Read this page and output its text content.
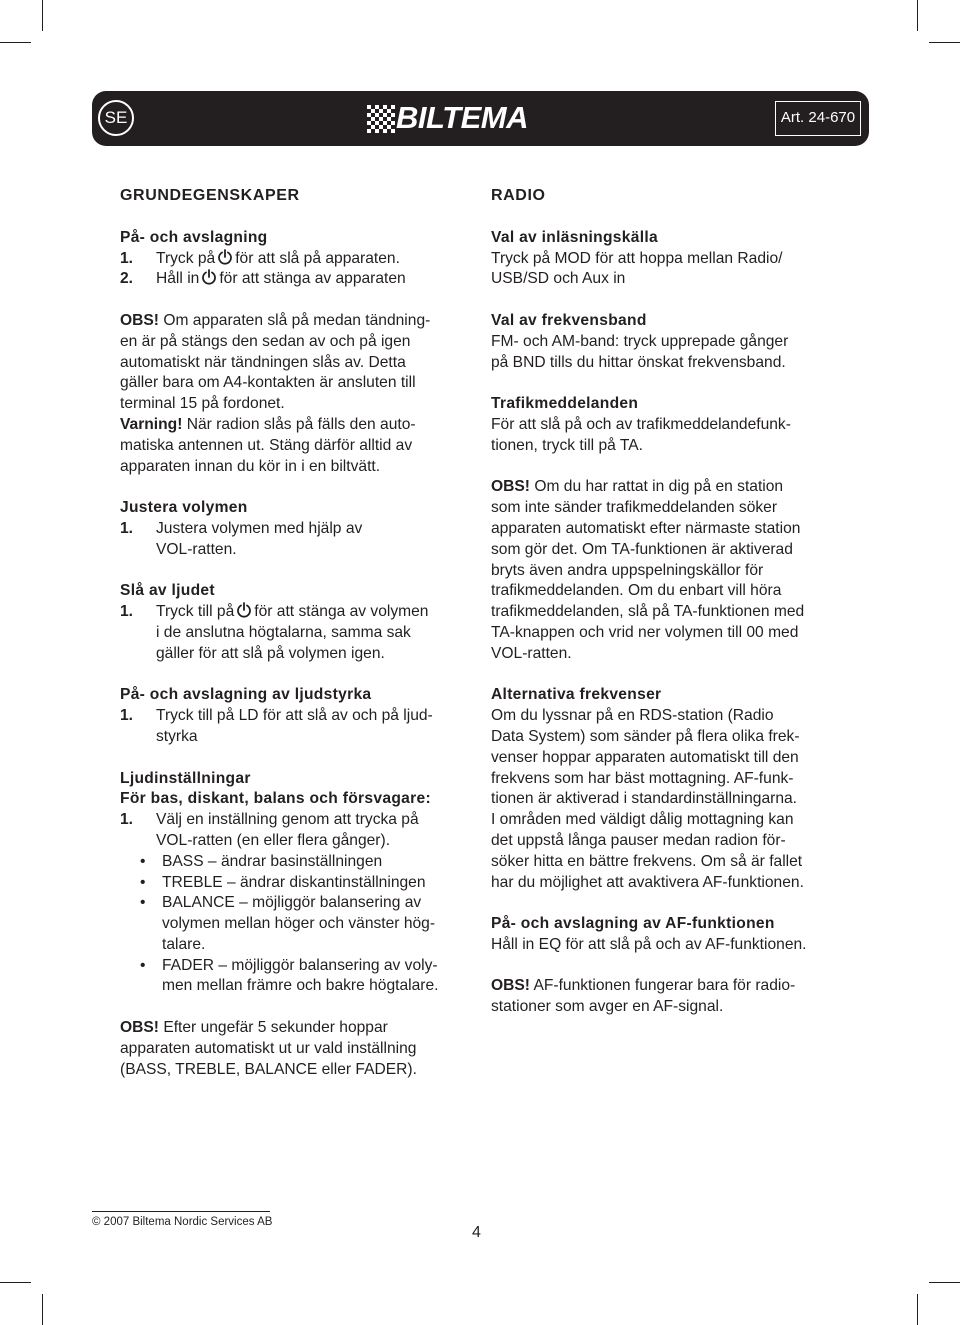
SE	BILTEMA	Art. 24-670
GRUNDEGENSKAPER
På- och avslagning
1.	Tryck på för att slå på apparaten.
2.	Håll in för att stänga av apparaten
OBS! Om apparaten slå på medan tändning-
en är på stängs den sedan av och på igen
automatiskt när tändningen slås av. Detta
gäller bara om A4-kontakten är ansluten till
terminal 15 på fordonet.
Varning! När radion slås på fälls den auto-
matiska antennen ut. Stäng därför alltid av
apparaten innan du kör in i en biltvätt.
Justera volymen
1.	Justera volymen med hjälp av
VOL-ratten.
Slå av ljudet
1.	Tryck till på för att stänga av volymen
i de anslutna högtalarna, samma sak
gäller för att slå på volymen igen.
På- och avslagning av ljudstyrka
1.	Tryck till på LD för att slå av och på ljud-
styrka
Ljudinställningar
För bas, diskant, balans och försvagare:
1.	Välj en inställning genom att trycka på
VOL-ratten (en eller flera gånger).
•	BASS – ändrar basinställningen
•	TREBLE – ändrar diskantinställningen
•	BALANCE – möjliggör balansering av
volymen mellan höger och vänster hög-
talare.
•	FADER – möjliggör balansering av voly-
men mellan främre och bakre högtalare.
OBS! Efter ungefär 5 sekunder hoppar
apparaten automatiskt ut ur vald inställning
(BASS, TREBLE, BALANCE eller FADER).
RADIO
Val av inläsningskälla

Tryck på MOD för att hoppa mellan Radio/
USB/SD och Aux in

Val av frekvensband

FM- och AM-band: tryck upprepade gånger
på BND tills du hittar önskat frekvensband.

Trafikmeddelanden

För att slå på och av trafikmeddelandefunk-
tionen, tryck till på TA.

OBS! Om du har rattat in dig på en station
som inte sänder trafikmeddelanden söker
apparaten automatiskt efter närmaste station
som gör det. Om TA-funktionen är aktiverad
bryts även andra uppspelningskällor för
trafikmeddelanden. Om du enbart vill höra
trafikmeddelanden, slå på TA-funktionen med
TA-knappen och vrid ner volymen till 00 med
VOL-ratten.

Alternativa frekvenser

Om du lyssnar på en RDS-station (Radio
Data System) som sänder på flera olika frek-
venser hoppar apparaten automatiskt till den
frekvens som har bäst mottagning. AF-funk-
tionen är aktiverad i standardinställningarna.
I områden med väldigt dålig mottagning kan
det uppstå långa pauser medan radion för-
söker hitta en bättre frekvens. Om så är fallet
har du möjlighet att avaktivera AF-funktionen.

På- och avslagning av AF-funktionen

Håll in EQ för att slå på och av AF-funktionen.

OBS! AF-funktionen fungerar bara för radio-
stationer som avger en AF-signal.

© 2007 Biltema Nordic Services AB
4
